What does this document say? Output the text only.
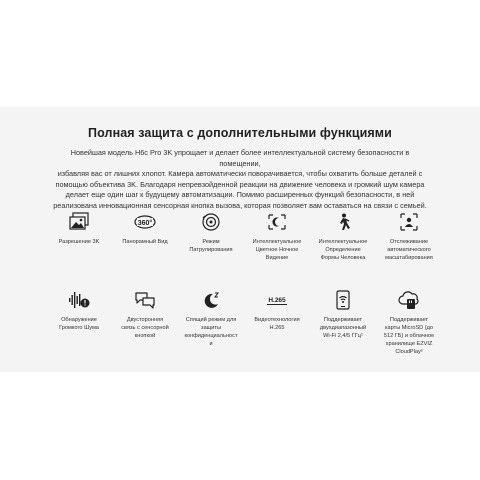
Полная защита с дополнительными функциями
Новейшая модель H6c Pro 3K упрощает и делает более интеллектуальной систему безопасности в помещении,
избавляя вас от лишних хлопот. Камера автоматически поворачивается, чтобы охватить больше деталей с
помощью объектива 3K. Благодаря непревзойденной реакции на движение человека и громкий шум камера
делает еще один шаг к будущему автоматизации. Помимо расширенных функций безопасности, в ней
реализована инновационная сенсорная кнопка вызова, которая позволяет вам оставаться на связи с семьей.
Разрешение 3K
360°
Панорамный Вид	Режим
Патрулирования
Интеллектуальное
Цветное Ночное
Видение
Интеллектуальное
Определение
Формы Человека
Отслеживание
автоматического
масштабирования
Обнаружение
Громкого Шума
Двусторонняя
связь с сенсорной
кнопкой
Спящий режим для
защиты
конфиденциальност
и
H.265
Видеотехнология
H.265
Поддерживает
двухдиапазонный
Wi-Fi 2,4/5 ГГц¹
Поддерживает
карты MicroSD (до
512 ГБ) и облачное
хранилище EZVIZ
CloudPlay²
